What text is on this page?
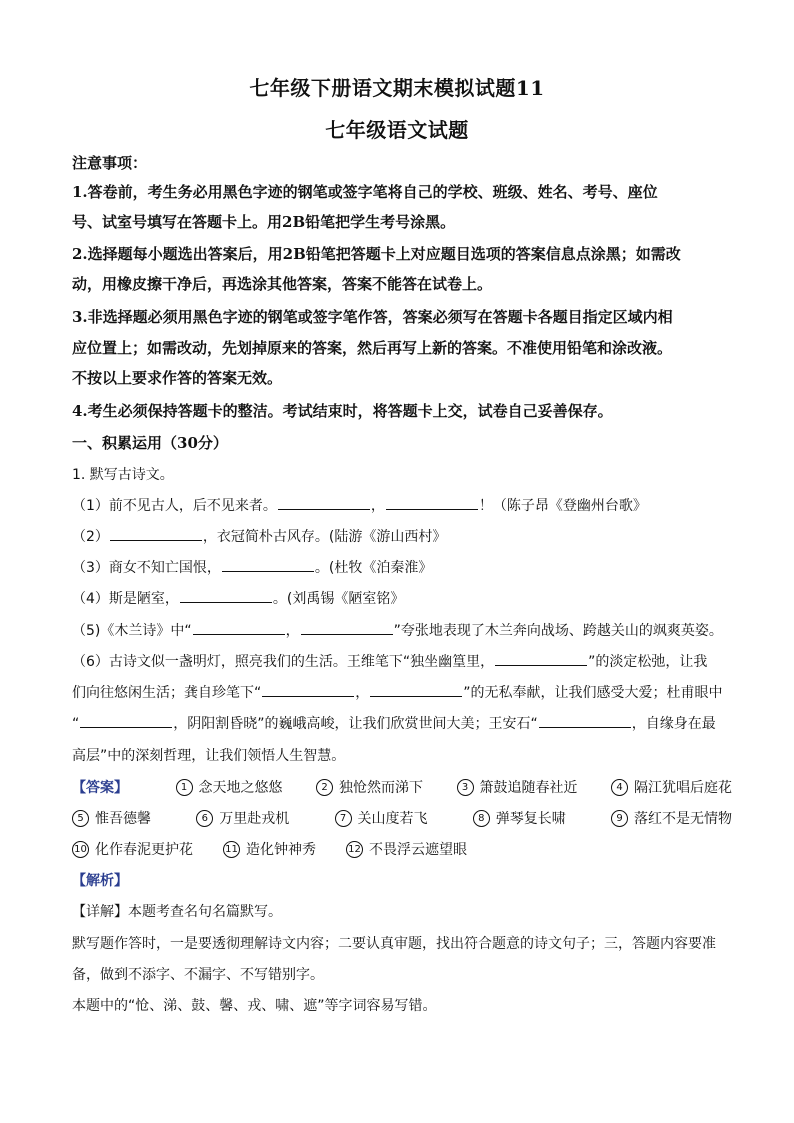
七年级下册语文期末模拟试题11
七年级语文试题
注意事项：
1.答卷前，考生务必用黑色字迹的钢笔或签字笔将自己的学校、班级、姓名、考号、座位
号、试室号填写在答题卡上。用2B铅笔把学生考号涂黑。
2.选择题每小题选出答案后，用2B铅笔把答题卡上对应题目选项的答案信息点涂黑；如需改
动，用橡皮擦干净后，再选涂其他答案，答案不能答在试卷上。
3.非选择题必须用黑色字迹的钢笔或签字笔作答，答案必须写在答题卡各题目指定区域内相
应位置上；如需改动，先划掉原来的答案，然后再写上新的答案。不准使用铅笔和涂改液。
不按以上要求作答的答案无效。
4.考生必须保持答题卡的整洁。考试结束时，将答题卡上交，试卷自己妥善保存。
一、积累运用（30分）
1. 默写古诗文。
（1）前不见古人，后不见来者。	，	！（陈子昂《登幽州台歌》
（2）	，衣冠简朴古风存。(陆游《游山西村》
（3）商女不知亡国恨，	。(杜牧《泊秦淮》
（4）斯是陋室，	。(刘禹锡《陋室铭》
（5)《木兰诗》中“	，	”夸张地表现了木兰奔向战场、跨越关山的飒爽英姿。
（6）古诗文似一盏明灯，照亮我们的生活。王维笔下“独坐幽篁里，	”的淡定松弛，让我
们向往悠闲生活；龚自珍笔下“	，	”的无私奉献，让我们感受大爱；杜甫眼中
“	，阴阳割昏晓”的巍峨高峻，让我们欣赏世间大美；王安石“	，自缘身在最
高层”中的深刻哲理，让我们领悟人生智慧。
【答案】	1 念天地之悠悠	2 独怆然而涕下	3 箫鼓追随春社近	4 隔江犹唱后庭花
5 惟吾德馨	6 万里赴戎机	7 关山度若飞	8 弹琴复长啸	9 落红不是无情物
10 化作春泥更护花	11 造化钟神秀	12 不畏浮云遮望眼
【解析】
【详解】本题考查名句名篇默写。
默写题作答时，一是要透彻理解诗文内容；二要认真审题，找出符合题意的诗文句子；三，答题内容要准
备，做到不添字、不漏字、不写错别字。
本题中的“怆、涕、鼓、馨、戎、啸、遮”等字词容易写错。
